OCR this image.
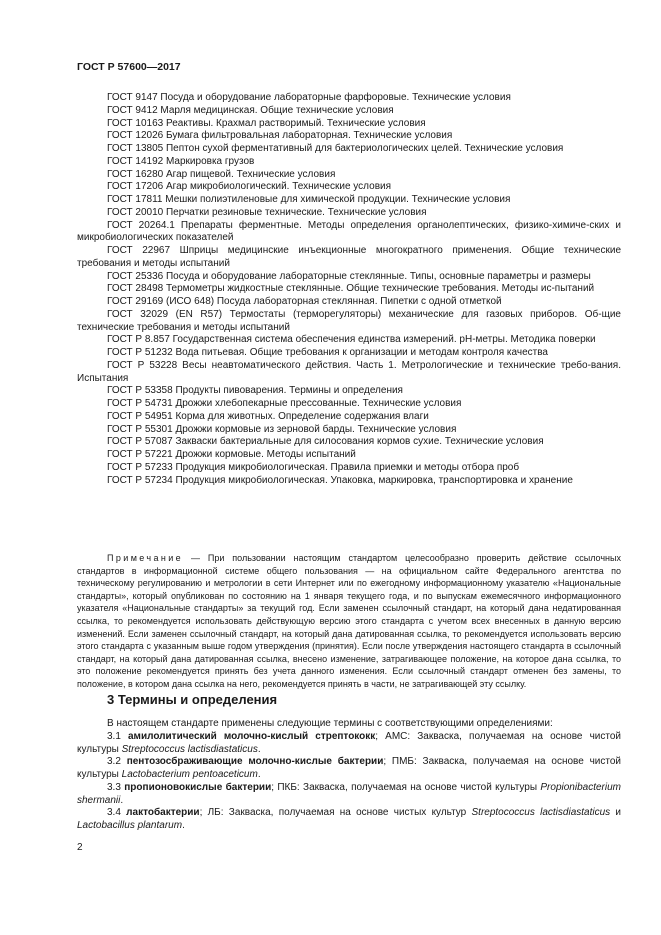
ГОСТ Р 57600—2017

ГОСТ 9147 Посуда и оборудование лабораторные фарфоровые. Технические условия

ГОСТ 9412 Марля медицинская. Общие технические условия

ГОСТ 10163 Реактивы. Крахмал растворимый. Технические условия

ГОСТ 12026 Бумага фильтровальная лабораторная. Технические условия

ГОСТ 13805 Пептон сухой ферментативный для бактериологических целей. Технические условия

ГОСТ 14192 Маркировка грузов

ГОСТ 16280 Агар пищевой. Технические условия

ГОСТ 17206 Агар микробиологический. Технические условия

ГОСТ 17811 Мешки полиэтиленовые для химической продукции. Технические условия

ГОСТ 20010 Перчатки резиновые технические. Технические условия

ГОСТ 20264.1 Препараты ферментные. Методы определения органолептических, физико-химиче-ских и микробиологических показателей

ГОСТ 22967 Шприцы медицинские инъекционные многократного применения. Общие технические требования и методы испытаний

ГОСТ 25336 Посуда и оборудование лабораторные стеклянные. Типы, основные параметры и размеры

ГОСТ 28498 Термометры жидкостные стеклянные. Общие технические требования. Методы ис-пытаний

ГОСТ 29169 (ИСО 648) Посуда лабораторная стеклянная. Пипетки с одной отметкой

ГОСТ 32029 (EN R57) Термостаты (терморегуляторы) механические для газовых приборов. Об-щие технические требования и методы испытаний

ГОСТ Р 8.857 Государственная система обеспечения единства измерений. pH-метры. Методика поверки

ГОСТ Р 51232 Вода питьевая. Общие требования к организации и методам контроля качества

ГОСТ Р 53228 Весы неавтоматического действия. Часть 1. Метрологические и технические требо-вания. Испытания

ГОСТ Р 53358 Продукты пивоварения. Термины и определения

ГОСТ Р 54731 Дрожжи хлебопекарные прессованные. Технические условия

ГОСТ Р 54951 Корма для животных. Определение содержания влаги

ГОСТ Р 55301 Дрожжи кормовые из зерновой барды. Технические условия

ГОСТ Р 57087 Закваски бактериальные для силосования кормов сухие. Технические условия

ГОСТ Р 57221 Дрожжи кормовые. Методы испытаний

ГОСТ Р 57233 Продукция микробиологическая. Правила приемки и методы отбора проб

ГОСТ Р 57234 Продукция микробиологическая. Упаковка, маркировка, транспортировка и хранение

Примечание — При пользовании настоящим стандартом целесообразно проверить действие ссылочных стандартов в информационной системе общего пользования — на официальном сайте Федерального агентства по техническому регулированию и метрологии в сети Интернет или по ежегодному информационному указателю «Национальные стандарты», который опубликован по состоянию на 1 января текущего года, и по выпускам ежемесячного информационного указателя «Национальные стандарты» за текущий год. Если заменен ссылочный стандарт, на который дана недатированная ссылка, то рекомендуется использовать действующую версию этого стандарта с учетом всех внесенных в данную версию изменений. Если заменен ссылочный стандарт, на который дана датированная ссылка, то рекомендуется использовать версию этого стандарта с указанным выше годом утверждения (принятия). Если после утверждения настоящего стандарта в ссылочный стандарт, на который дана датированная ссылка, внесено изменение, затрагивающее положение, на которое дана ссылка, то это положение рекомендуется принять без учета данного изменения. Если ссылочный стандарт отменен без замены, то положение, в котором дана ссылка на него, рекомендуется принять в части, не затрагивающей эту ссылку.
3 Термины и определения

В настоящем стандарте применены следующие термины с соответствующими определениями:

3.1 амилолитический молочно-кислый стрептококк; АМС: Закваска, получаемая на основе чистой культуры Streptococcus lactisdiastaticus.

3.2 пентозосбраживающие молочно-кислые бактерии; ПМБ: Закваска, получаемая на основе чистой культуры Lactobacterium pentoaceticum.

3.3 пропионовокислые бактерии; ПКБ: Закваска, получаемая на основе чистой культуры Propionibacterium shermanii.

3.4 лактобактерии; ЛБ: Закваска, получаемая на основе чистых культур Streptococcus lactisdiastaticus и Lactobacillus plantarum.

2
